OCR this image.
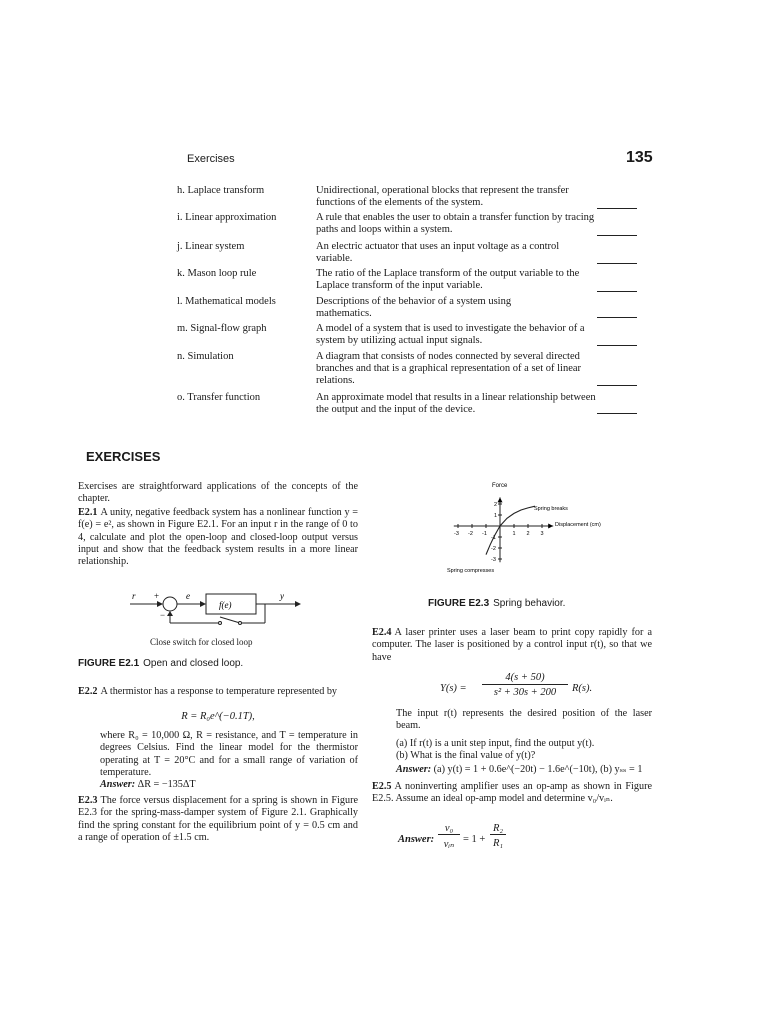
Exercises	135
h. Laplace transform	Unidirectional, operational blocks that represent the transfer functions of the elements of the system.
i. Linear approximation	A rule that enables the user to obtain a transfer function by tracing paths and loops within a system.
j. Linear system	An electric actuator that uses an input voltage as a control variable.
k. Mason loop rule	The ratio of the Laplace transform of the output variable to the Laplace transform of the input variable.
l. Mathematical models	Descriptions of the behavior of a system using mathematics.
m. Signal-flow graph	A model of a system that is used to investigate the behavior of a system by utilizing actual input signals.
n. Simulation	A diagram that consists of nodes connected by several directed branches and that is a graphical representation of a set of linear relations.
o. Transfer function	An approximate model that results in a linear relationship between the output and the input of the device.
EXERCISES
Exercises are straightforward applications of the concepts of the chapter.
E2.1 A unity, negative feedback system has a nonlinear function y = f(e) = e², as shown in Figure E2.1. For an input r in the range of 0 to 4, calculate and plot the open-loop and closed-loop output versus input and show that the feedback system results in a more linear relationship.
r +
−
e
f(e)
y
Close switch for closed loop
FIGURE E2.1 Open and closed loop.
E2.2 A thermistor has a response to temperature represented by
R = R₀e^(−0.1T),
where R₀ = 10,000 Ω, R = resistance, and T = temperature in degrees Celsius. Find the linear model for the thermistor operating at T = 20°C and for a small range of variation of temperature.
Answer: ΔR = −135ΔT
E2.3 The force versus displacement for a spring is shown in Figure E2.3 for the spring-mass-damper system of Figure 2.1. Graphically find the spring constant for the equilibrium point of y = 0.5 cm and a range of operation of ±1.5 cm.
-3 -2 -1	1 2 3
-3
-2
-1
1
2
Force
Displacement (cm)
Spring breaks
Spring compresses
FIGURE E2.3 Spring behavior.
E2.4 A laser printer uses a laser beam to print copy rapidly for a computer. The laser is positioned by a control input r(t), so that we have
Y(s) =
4(s + 50)
s² + 30s + 200	R(s).
The input r(t) represents the desired position of the laser beam.
(a) If r(t) is a unit step input, find the output y(t).
(b) What is the final value of y(t)?
Answer: (a) y(t) = 1 + 0.6e^(−20t) − 1.6e^(−10t), (b) yₛₛ = 1
E2.5 A noninverting amplifier uses an op-amp as shown in Figure E2.5. Assume an ideal op-amp model and determine v₀/vᵢₙ.
Answer:
v₀
vᵢₙ = 1 +
R₂
R₁
